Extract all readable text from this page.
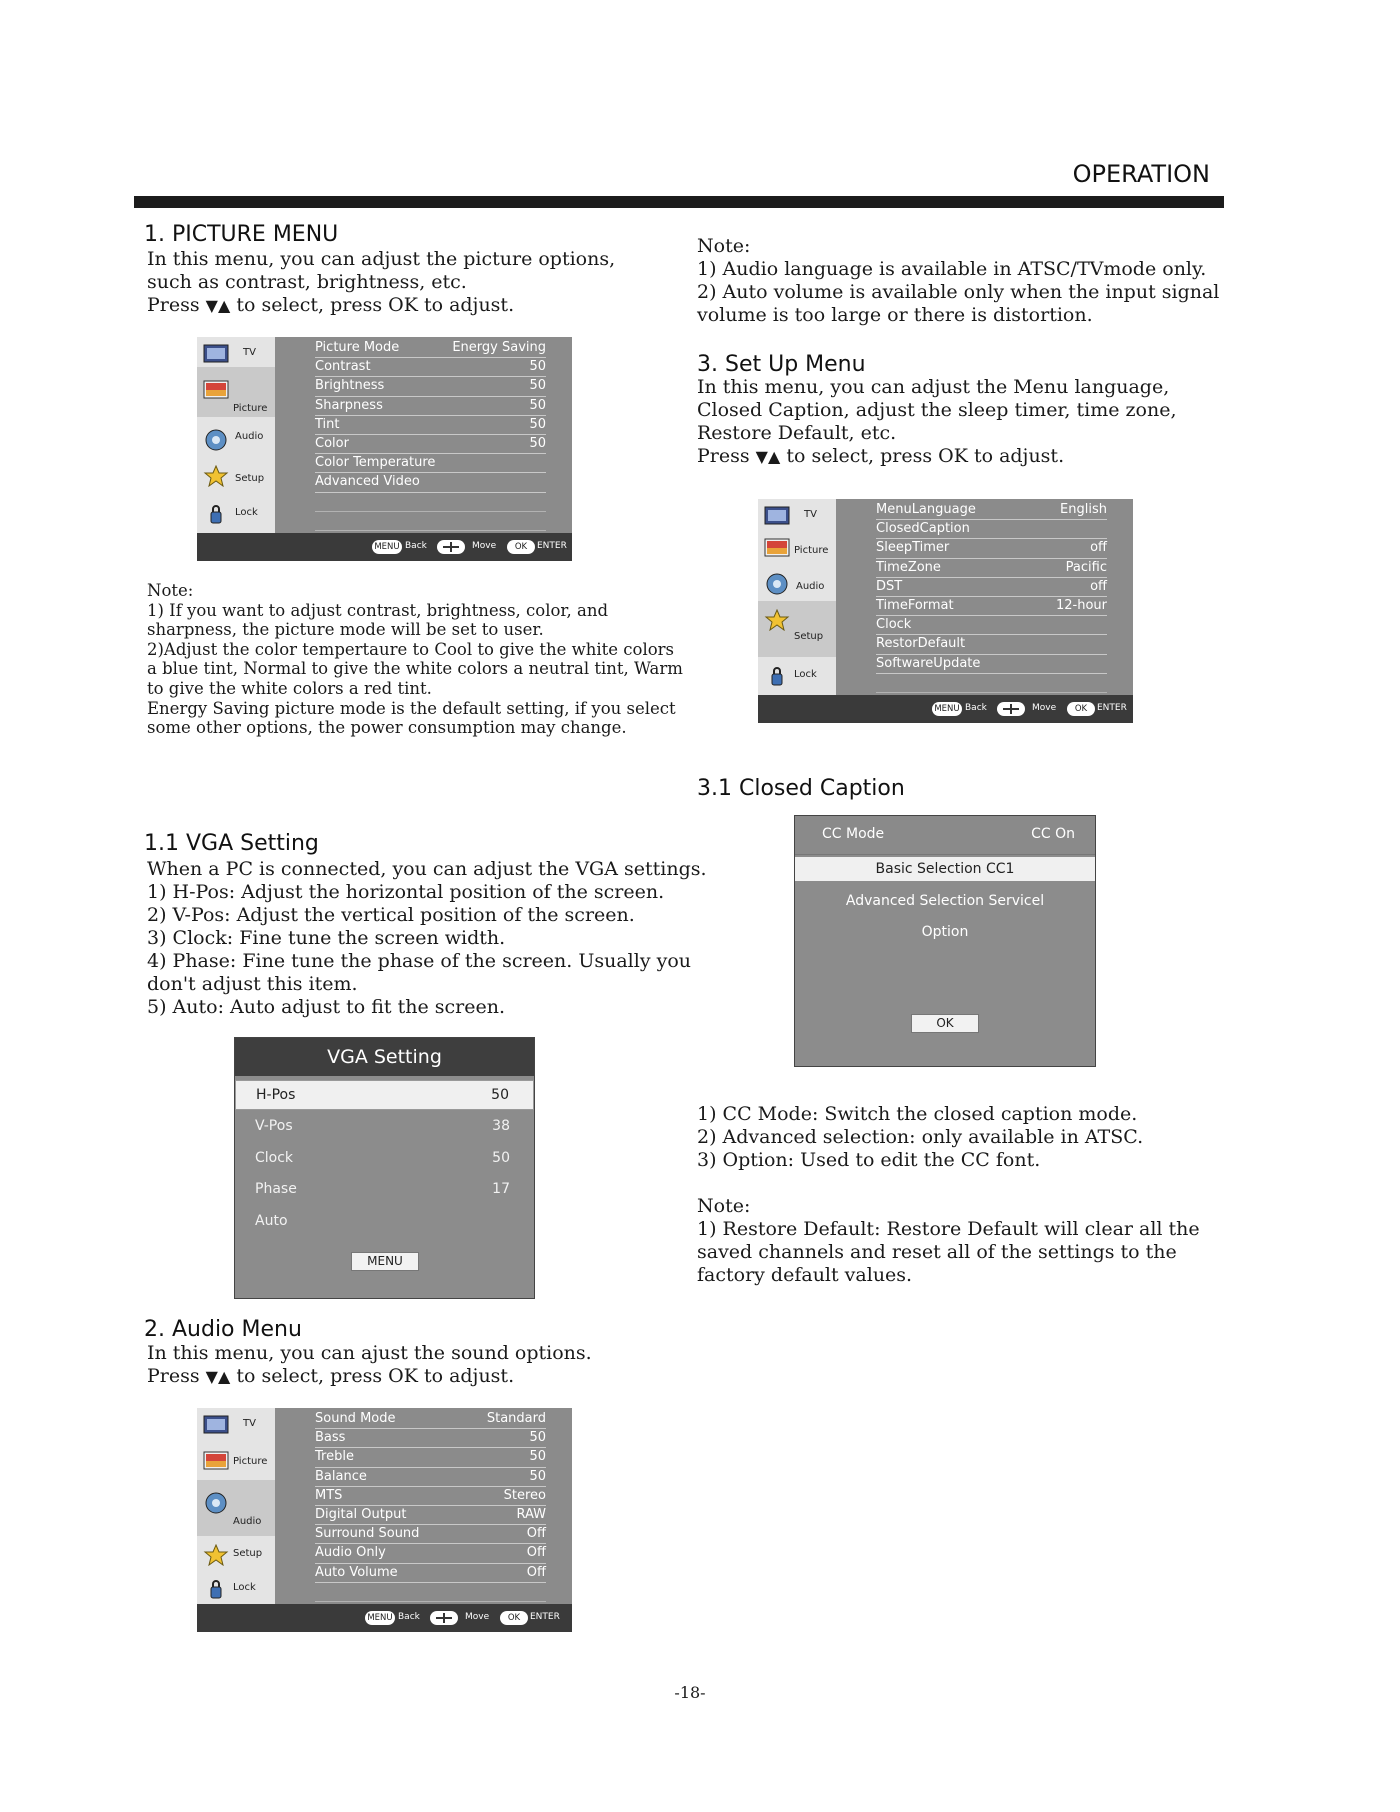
OPERATION
1. PICTURE MENU
In this menu, you can adjust the picture options,
such as contrast, brightness, etc.
Press ▼▲ to select, press OK to adjust.
TV
Picture
Audio
Setup
Lock
Picture Mode	Energy Saving
Contrast	50
Brightness	50
Sharpness	50
Tint	50
Color	50
Color Temperature
Advanced Video
MENU Back	Move	OK	ENTER
Note:
1) If you want to adjust contrast, brightness, color, and
sharpness, the picture mode will be set to user.
2)Adjust the color tempertaure to Cool to give the white colors
a blue tint, Normal to give the white colors a neutral tint, Warm
to give the white colors a red tint.
Energy Saving picture mode is the default setting, if you select
some other options, the power consumption may change.
1.1 VGA Setting
When a PC is connected, you can adjust the VGA settings.
1) H-Pos: Adjust the horizontal position of the screen.
2) V-Pos: Adjust the vertical position of the screen.
3) Clock: Fine tune the screen width.
4) Phase: Fine tune the phase of the screen. Usually you
don't adjust this item.
5) Auto: Auto adjust to fit the screen.
VGA Setting
H-Pos	50
V-Pos	38
Clock	50
Phase	17
Auto
MENU
2. Audio Menu
In this menu, you can ajust the sound options.
Press ▼▲ to select, press OK to adjust.
TV
Picture
Audio
Setup
Lock
Sound Mode	Standard
Bass	50
Treble	50
Balance	50
MTS	Stereo
Digital Output	RAW
Surround Sound	Off
Audio Only	Off
Auto Volume	Off
MENU Back	Move	OK	ENTER
Note:
1) Audio language is available in ATSC/TVmode only.
2) Auto volume is available only when the input signal
volume is too large or there is distortion.
3. Set Up Menu
In this menu, you can adjust the Menu language,
Closed Caption, adjust the sleep timer, time zone,
Restore Default, etc.
Press ▼▲ to select, press OK to adjust.
TV
Picture
Audio
Setup
Lock
MenuLanguage	English
ClosedCaption
SleepTimer	off
TimeZone	Pacific
DST	off
TimeFormat	12-hour
Clock
RestorDefault
SoftwareUpdate
MENU Back	Move	OK	ENTER
3.1 Closed Caption
CC Mode	CC On
Basic Selection CC1
Advanced Selection Servicel
Option
OK
1) CC Mode: Switch the closed caption mode.
2) Advanced selection: only available in ATSC.
3) Option: Used to edit the CC font.
Note:
1) Restore Default: Restore Default will clear all the
saved channels and reset all of the settings to the
factory default values.
-18-
